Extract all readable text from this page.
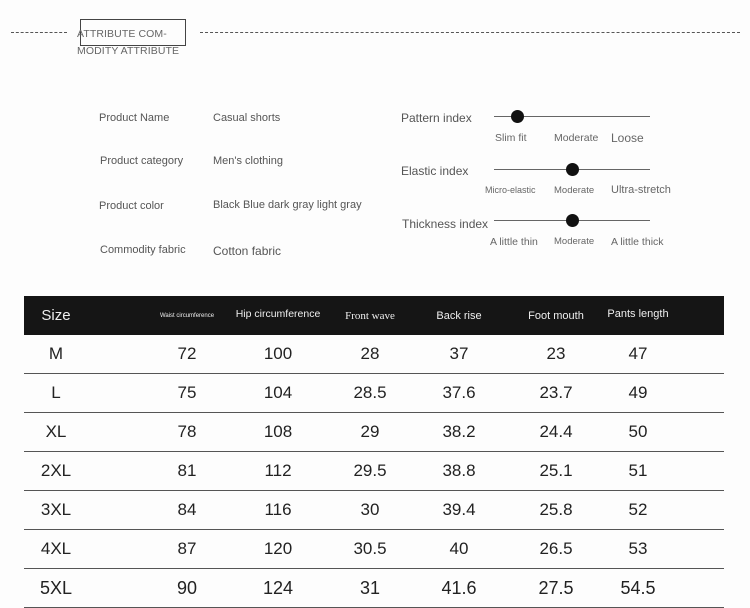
ATTRIBUTE COM-
MODITY ATTRIBUTE
Product Name	Casual shorts
Product category	Men's clothing
Product color	Black Blue dark gray light gray
Commodity fabric Cotton fabric
Pattern index
Slim fit	Moderate Loose
Elastic index
Micro-elastic Moderate Ultra-stretch
Thickness index
A little thin Moderate A little thick
Size	Waist circumference	Hip circumference	Front wave	Back rise	Foot mouth	Pants length
M	72	100	28	37	23	47
L	75	104	28.5	37.6	23.7	49
XL	78	108	29	38.2	24.4	50
2XL	81	112	29.5	38.8	25.1	51
3XL	84	116	30	39.4	25.8	52
4XL	87	120	30.5	40	26.5	53
5XL	90	124	31	41.6	27.5	54.5
